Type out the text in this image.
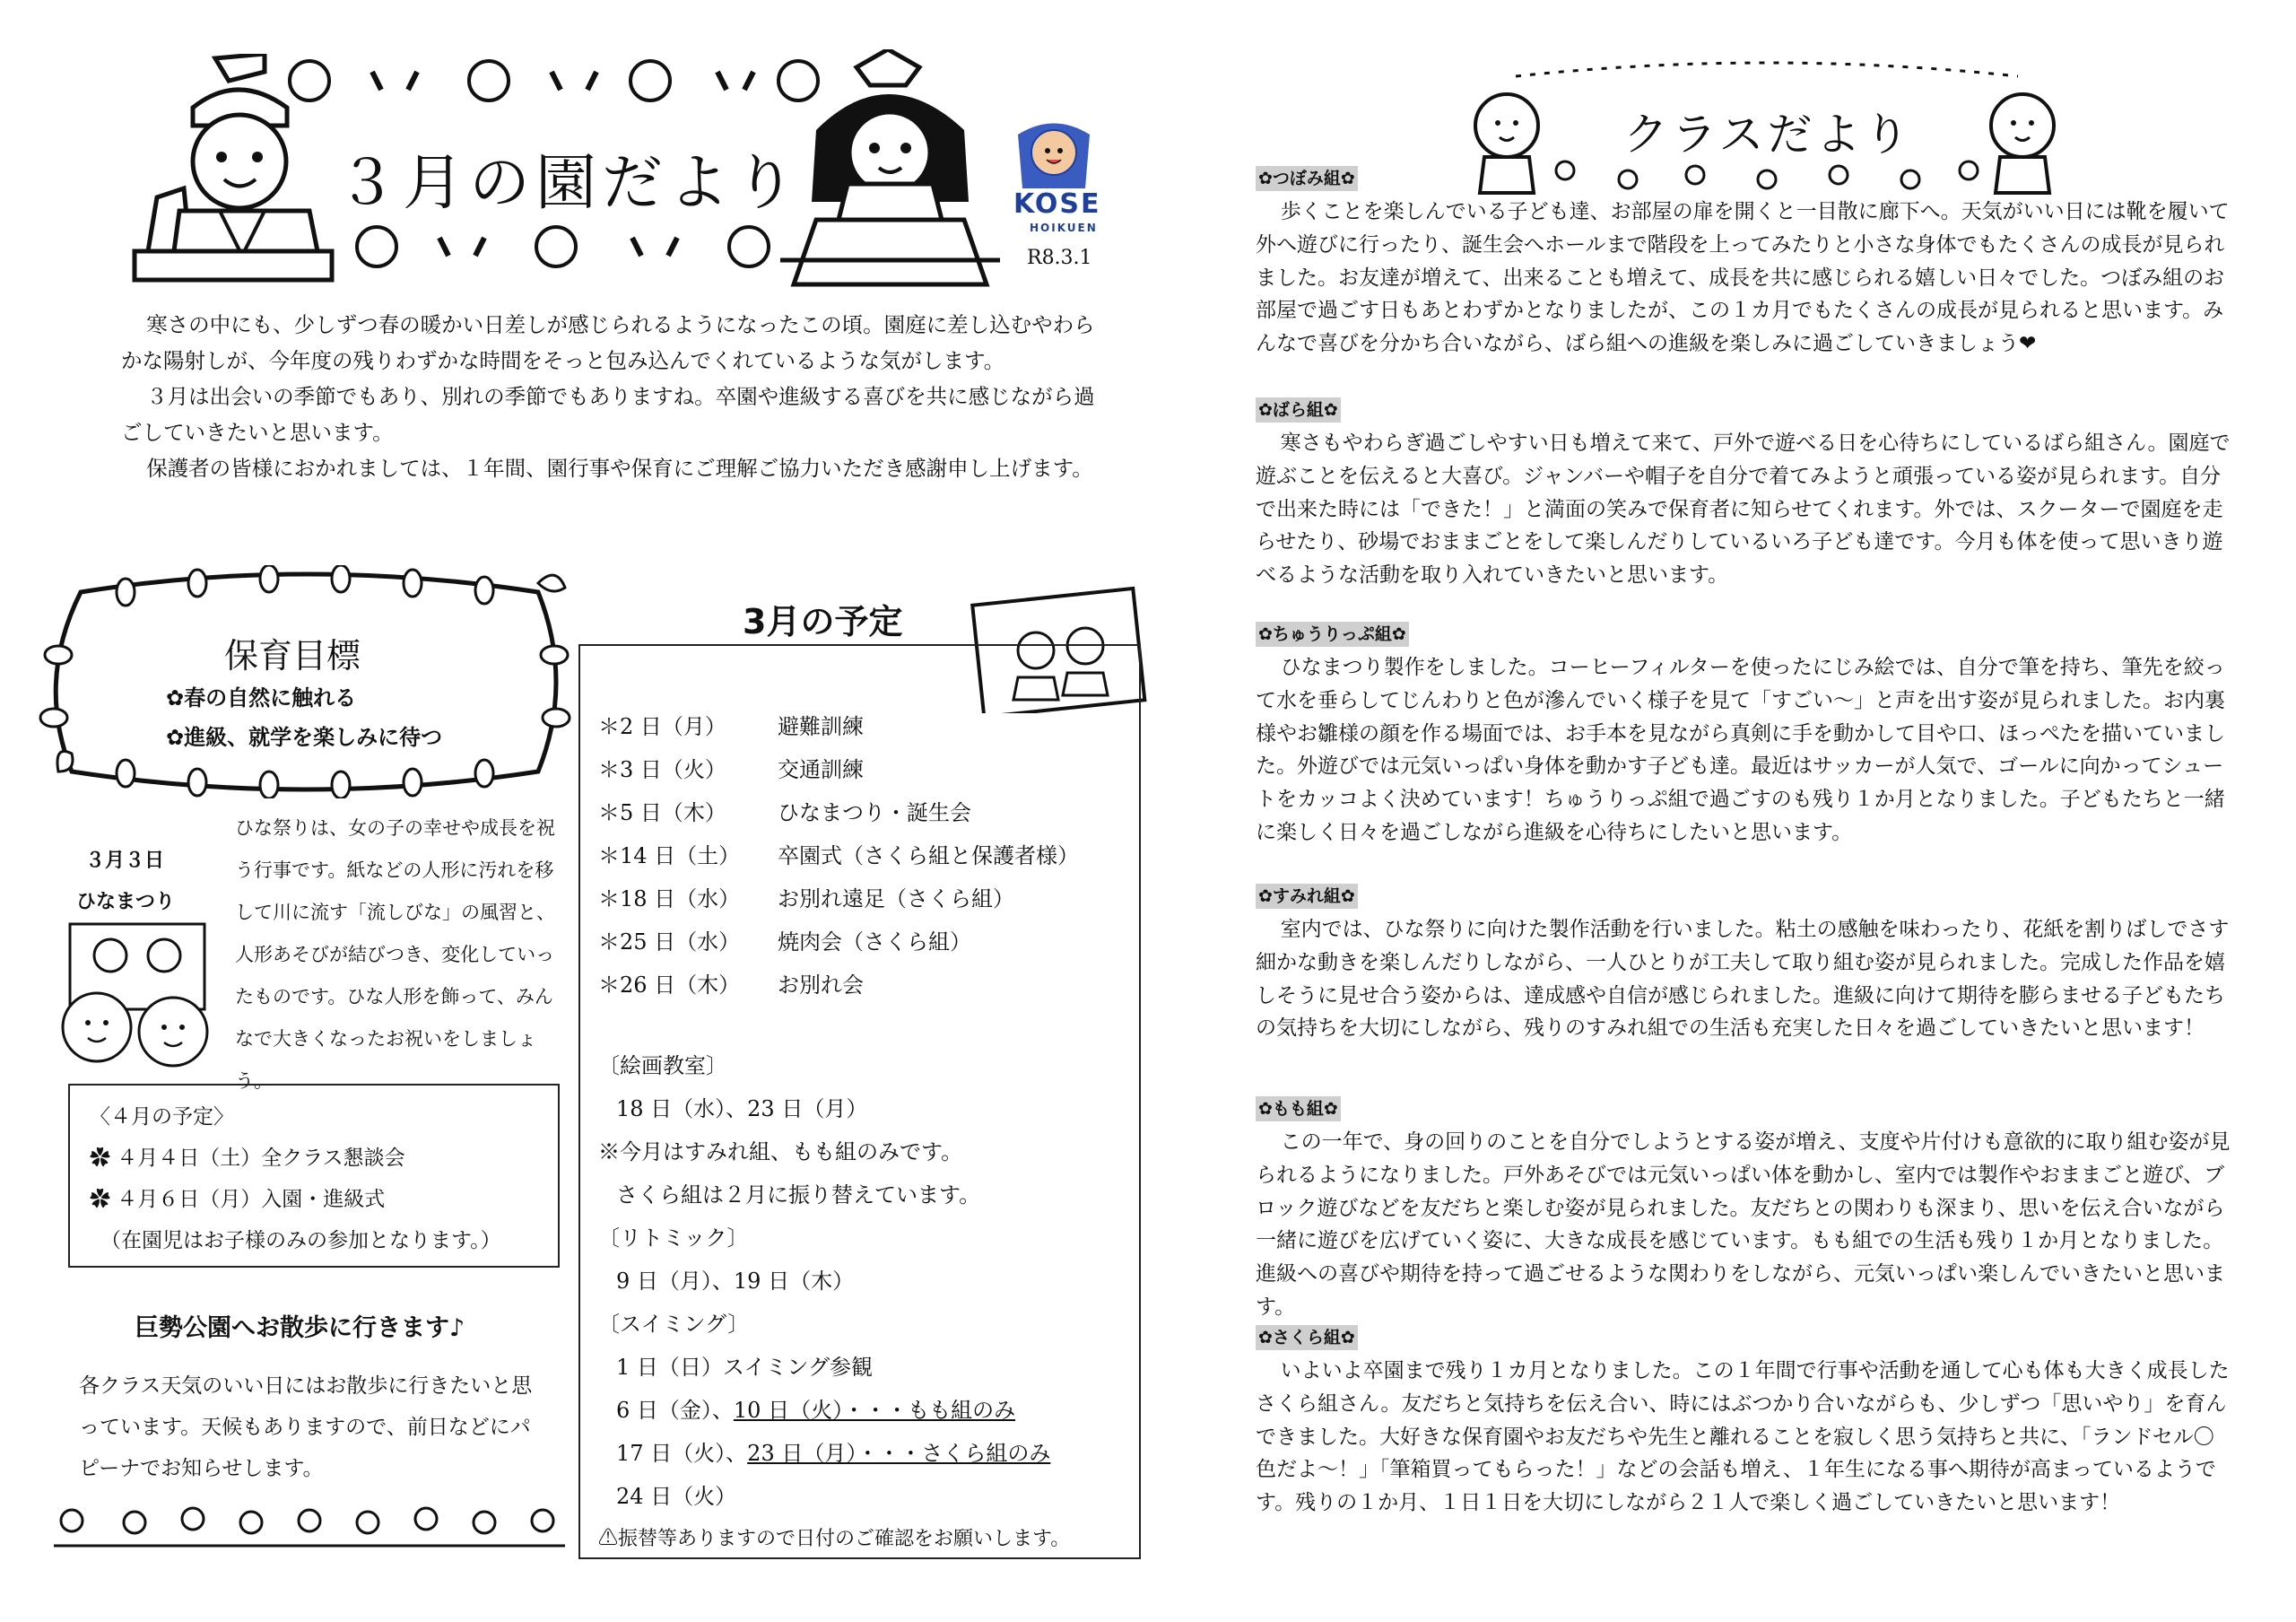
３月の園だより	KOSE
HOIKUEN
R8.3.1

寒さの中にも、少しずつ春の暖かい日差しが感じられるようになったこの頃。園庭に差し込むやわらかな陽射しが、今年度の残りわずかな時間をそっと包み込んでくれているような気がします。

３月は出会いの季節でもあり、別れの季節でもありますね。卒園や進級する喜びを共に感じながら過ごしていきたいと思います。

保護者の皆様におかれましては、１年間、園行事や保育にご理解ご協力いただき感謝申し上げます。

保育目標
✿春の自然に触れる
✿進級、就学を楽しみに待つ
３月３日
ひなまつり

ひな祭りは、女の子の幸せや成長を祝う行事です。紙などの人形に汚れを移して川に流す「流しびな」の風習と、人形あそびが結びつき、変化していったものです。ひな人形を飾って、みんなで大きくなったお祝いをしましょう。

〈４月の予定〉
✿ ４月４日（土）全クラス懇談会
✿ ４月６日（月）入園・進級式
（在園児はお子様のみの参加となります。）
巨勢公園へお散歩に行きます♪

各クラス天気のいい日にはお散歩に行きたいと思っています。天候もありますので、前日などにパピーナでお知らせします。

3月の予定
＊2 日（月） 避難訓練
＊3 日（火） 交通訓練
＊5 日（木） ひなまつり・誕生会
＊14 日（土） 卒園式（さくら組と保護者様）
＊18 日（水） お別れ遠足（さくら組）
＊25 日（水） 焼肉会（さくら組）
＊26 日（木） お別れ会
〔絵画教室〕
18 日（水）、23 日（月）
※今月はすみれ組、もも組のみです。
さくら組は２月に振り替えています。
〔リトミック〕
9 日（月）、19 日（木）
〔スイミング〕
1 日（日）スイミング参観
6 日（金）、10 日（火）・・・もも組のみ
17 日（火）、23 日（月）・・・さくら組のみ
24 日（火）
⚠振替等ありますので日付のご確認をお願いします。
クラスだより
✿つぼみ組✿

歩くことを楽しんでいる子ども達、お部屋の扉を開くと一目散に廊下へ。天気がいい日には靴を履いて外へ遊びに行ったり、誕生会へホールまで階段を上ってみたりと小さな身体でもたくさんの成長が見られました。お友達が増えて、出来ることも増えて、成長を共に感じられる嬉しい日々でした。つぼみ組のお部屋で過ごす日もあとわずかとなりましたが、この１カ月でもたくさんの成長が見られると思います。みんなで喜びを分かち合いながら、ばら組への進級を楽しみに過ごしていきましょう❤

✿ばら組✿

寒さもやわらぎ過ごしやすい日も増えて来て、戸外で遊べる日を心待ちにしているばら組さん。園庭で遊ぶことを伝えると大喜び。ジャンバーや帽子を自分で着てみようと頑張っている姿が見られます。自分で出来た時には「できた！」と満面の笑みで保育者に知らせてくれます。外では、スクーターで園庭を走らせたり、砂場でおままごとをして楽しんだりしているいろ子ども達です。今月も体を使って思いきり遊べるような活動を取り入れていきたいと思います。

✿ちゅうりっぷ組✿

ひなまつり製作をしました。コーヒーフィルターを使ったにじみ絵では、自分で筆を持ち、筆先を絞って水を垂らしてじんわりと色が滲んでいく様子を見て「すごい〜」と声を出す姿が見られました。お内裏様やお雛様の顔を作る場面では、お手本を見ながら真剣に手を動かして目や口、ほっぺたを描いていました。外遊びでは元気いっぱい身体を動かす子ども達。最近はサッカーが人気で、ゴールに向かってシュートをカッコよく決めています！ちゅうりっぷ組で過ごすのも残り１か月となりました。子どもたちと一緒に楽しく日々を過ごしながら進級を心待ちにしたいと思います。

✿すみれ組✿

室内では、ひな祭りに向けた製作活動を行いました。粘土の感触を味わったり、花紙を割りばしでさす細かな動きを楽しんだりしながら、一人ひとりが工夫して取り組む姿が見られました。完成した作品を嬉しそうに見せ合う姿からは、達成感や自信が感じられました。進級に向けて期待を膨らませる子どもたちの気持ちを大切にしながら、残りのすみれ組での生活も充実した日々を過ごしていきたいと思います！

✿もも組✿

この一年で、身の回りのことを自分でしようとする姿が増え、支度や片付けも意欲的に取り組む姿が見られるようになりました。戸外あそびでは元気いっぱい体を動かし、室内では製作やおままごと遊び、ブロック遊びなどを友だちと楽しむ姿が見られました。友だちとの関わりも深まり、思いを伝え合いながら一緒に遊びを広げていく姿に、大きな成長を感じています。もも組での生活も残り１か月となりました。進級への喜びや期待を持って過ごせるような関わりをしながら、元気いっぱい楽しんでいきたいと思います。

✿さくら組✿

いよいよ卒園まで残り１カ月となりました。この１年間で行事や活動を通して心も体も大きく成長したさくら組さん。友だちと気持ちを伝え合い、時にはぶつかり合いながらも、少しずつ「思いやり」を育んできました。大好きな保育園やお友だちや先生と離れることを寂しく思う気持ちと共に、「ランドセル〇色だよ〜！」「筆箱買ってもらった！」などの会話も増え、１年生になる事へ期待が高まっているようです。残りの１か月、１日１日を大切にしながら２１人で楽しく過ごしていきたいと思います！
